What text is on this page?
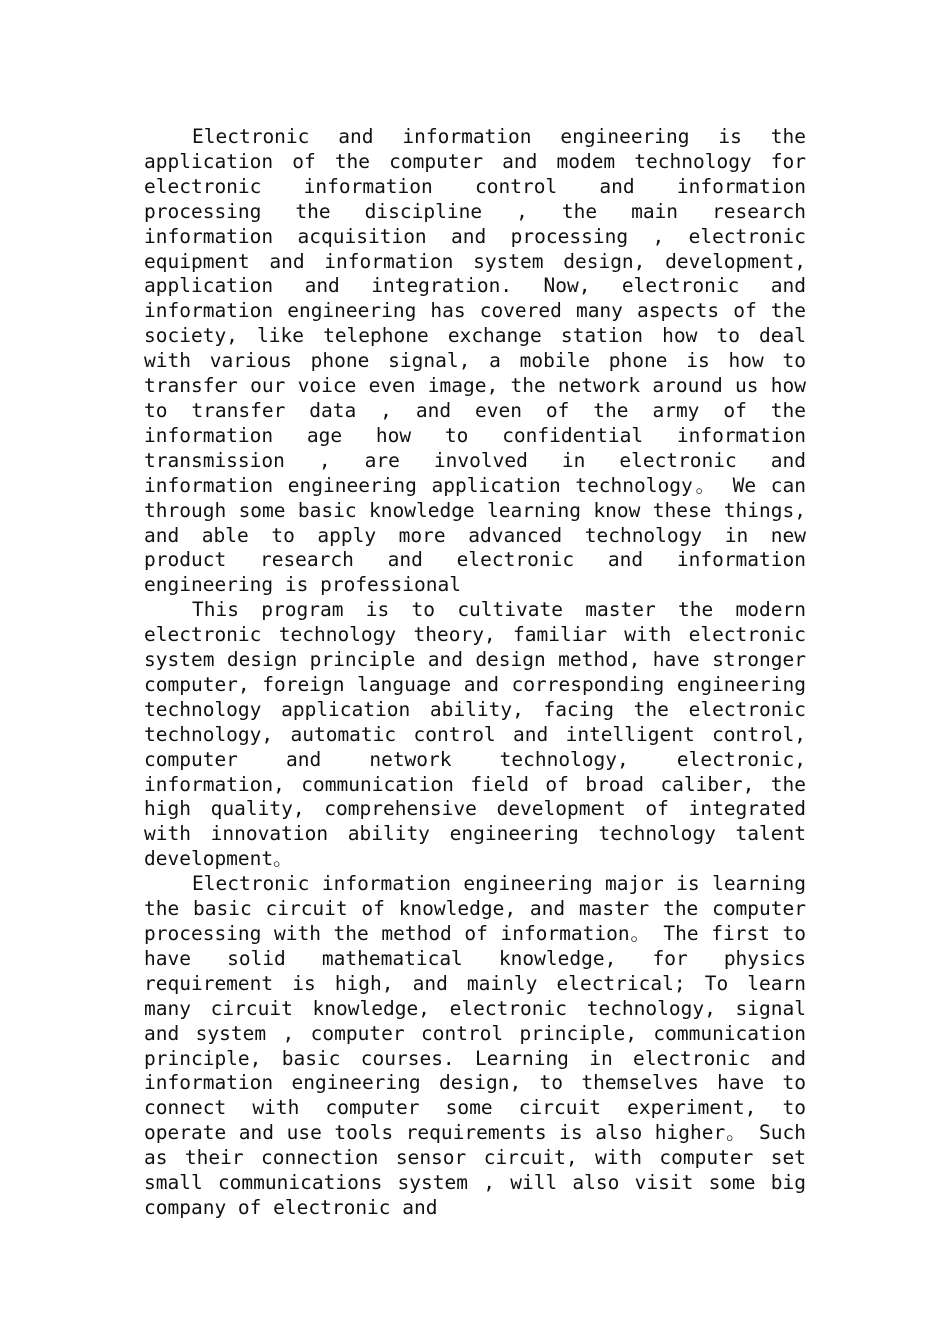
Electronic and information engineering is the application of the computer and modem technology for electronic information control and information processing the discipline , the main research information acquisition and processing , electronic equipment and information system design, development, application and integration. Now, electronic and information engineering has covered many aspects of the society, like telephone exchange station how to deal with various phone signal, a mobile phone is how to transfer our voice even image, the network around us how to transfer data , and even of the army of the information age how to confidential information transmission , are involved in electronic and information engineering application technology。 We can through some basic knowledge learning know these things, and able to apply more advanced technology in new product research and electronic and information engineering is professional

This program is to cultivate master the modern electronic technology theory, familiar with electronic system design principle and design method, have stronger computer, foreign language and corresponding engineering technology application ability, facing the electronic technology, automatic control and intelligent control, computer and network technology, electronic, information, communication field of broad caliber, the high quality, comprehensive development of integrated with innovation ability engineering technology talent development。

Electronic information engineering major is learning the basic circuit of knowledge, and master the computer processing with the method of information。 The first to have solid mathematical knowledge, for physics requirement is high, and mainly electrical; To learn many circuit knowledge, electronic technology, signal and system , computer control principle, communication principle, basic courses. Learning in electronic and information engineering design, to themselves have to connect with computer some circuit experiment, to operate and use tools requirements is also higher。 Such as their connection sensor circuit, with computer set small communications system , will also visit some big company of electronic and
